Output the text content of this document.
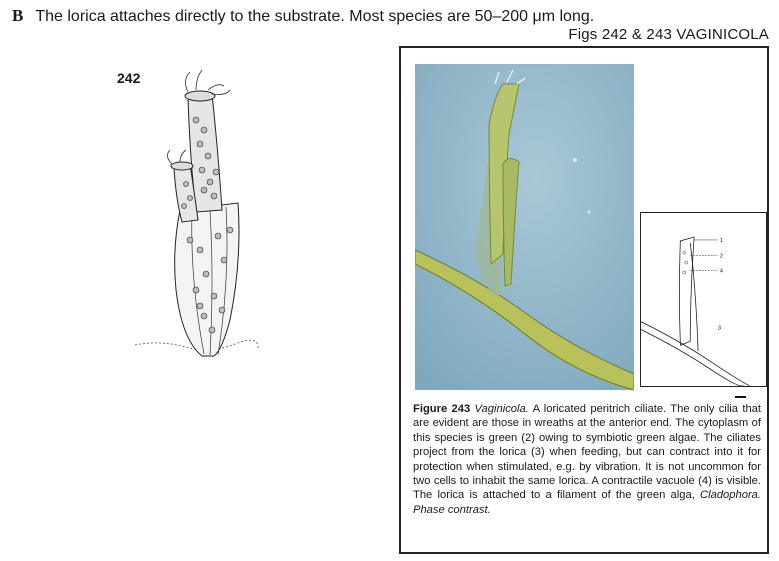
B The lorica attaches directly to the substrate. Most species are 50–200 μm long.
Figs 242 & 243 VAGINICOLA
242
1
2
4
3
Figure 243 Vaginicola. A loricated peritrich ciliate. The only cilia that are evident are those in wreaths at the anterior end. The cytoplasm of this species is green (2) owing to symbiotic green algae. The ciliates project from the lorica (3) when feeding, but can contract into it for protection when stimulated, e.g. by vibration. It is not uncommon for two cells to inhabit the same lorica. A contractile vacuole (4) is visible. The lorica is attached to a filament of the green alga, Cladophora. Phase contrast.
